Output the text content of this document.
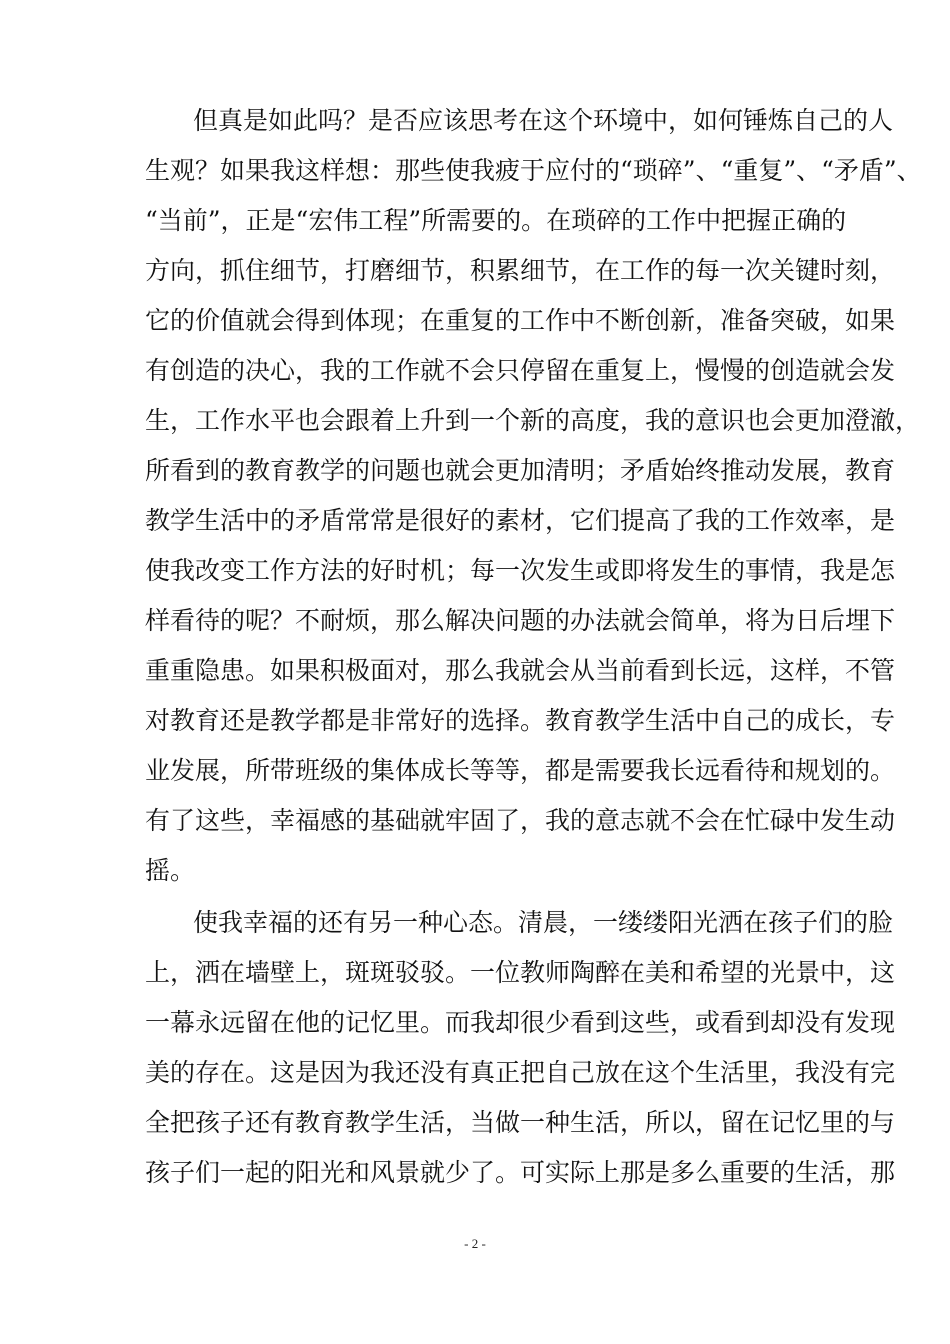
但真是如此吗？是否应该思考在这个环境中，如何锤炼自己的人
生观？如果我这样想：那些使我疲于应付的“琐碎”、“重复”、“矛盾”、
“当前”，正是“宏伟工程”所需要的。在琐碎的工作中把握正确的
方向，抓住细节，打磨细节，积累细节，在工作的每一次关键时刻，
它的价值就会得到体现；在重复的工作中不断创新，准备突破，如果
有创造的决心，我的工作就不会只停留在重复上，慢慢的创造就会发
生，工作水平也会跟着上升到一个新的高度，我的意识也会更加澄澈，
所看到的教育教学的问题也就会更加清明；矛盾始终推动发展，教育
教学生活中的矛盾常常是很好的素材，它们提高了我的工作效率，是
使我改变工作方法的好时机；每一次发生或即将发生的事情，我是怎
样看待的呢？不耐烦，那么解决问题的办法就会简单，将为日后埋下
重重隐患。如果积极面对，那么我就会从当前看到长远，这样，不管
对教育还是教学都是非常好的选择。教育教学生活中自己的成长，专
业发展，所带班级的集体成长等等，都是需要我长远看待和规划的。
有了这些，幸福感的基础就牢固了，我的意志就不会在忙碌中发生动
摇。
使我幸福的还有另一种心态。清晨，一缕缕阳光洒在孩子们的脸
上，洒在墙壁上，斑斑驳驳。一位教师陶醉在美和希望的光景中，这
一幕永远留在他的记忆里。而我却很少看到这些，或看到却没有发现
美的存在。这是因为我还没有真正把自己放在这个生活里，我没有完
全把孩子还有教育教学生活，当做一种生活，所以，留在记忆里的与
孩子们一起的阳光和风景就少了。可实际上那是多么重要的生活，那
- 2 -
